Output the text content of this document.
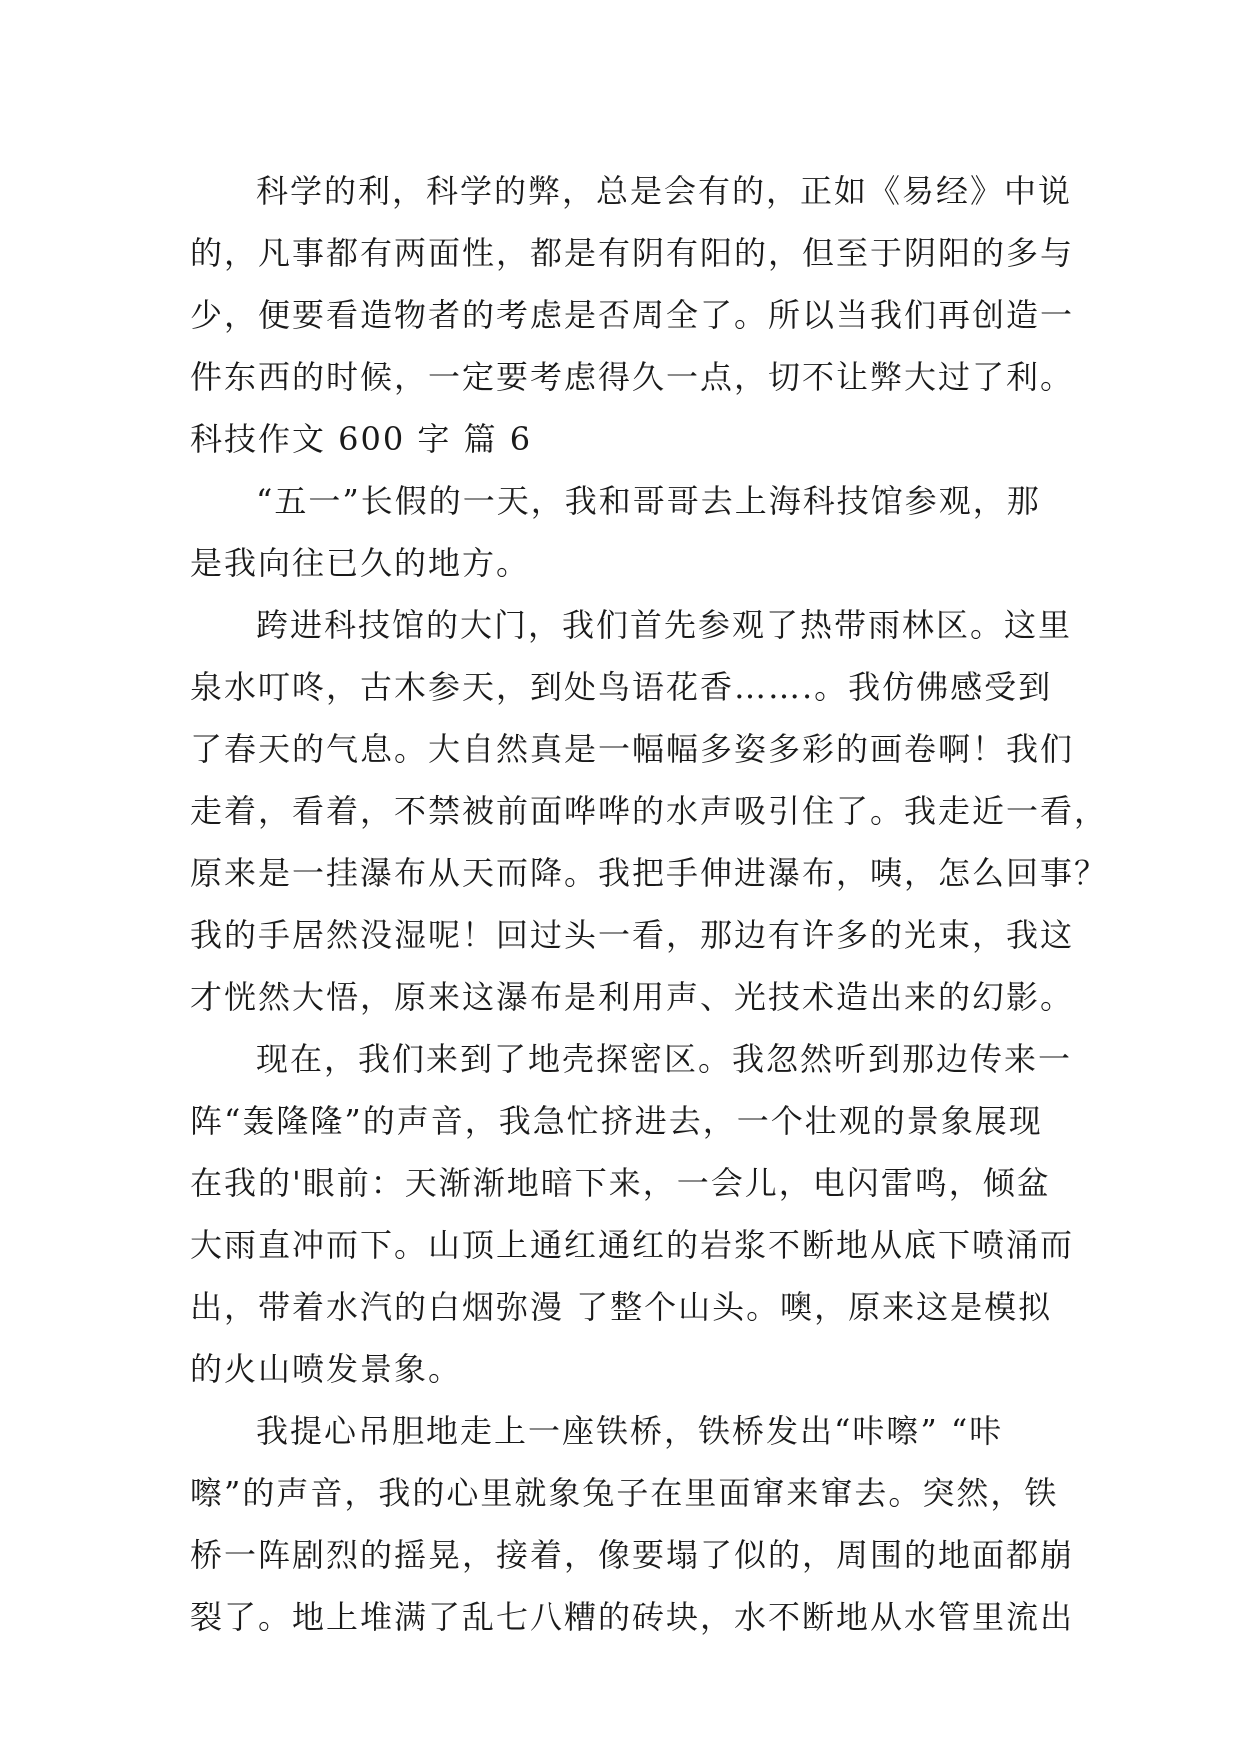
科学的利，科学的弊，总是会有的，正如《易经》中说
的，凡事都有两面性，都是有阴有阳的，但至于阴阳的多与
少，便要看造物者的考虑是否周全了。所以当我们再创造一
件东西的时候，一定要考虑得久一点，切不让弊大过了利。

科技作文 600 字 篇 6

“五一”长假的一天，我和哥哥去上海科技馆参观，那
是我向往已久的地方。

跨进科技馆的大门，我们首先参观了热带雨林区。这里
泉水叮咚，古木参天，到处鸟语花香…….。我仿佛感受到
了春天的气息。大自然真是一幅幅多姿多彩的画卷啊！我们
走着，看着，不禁被前面哗哗的水声吸引住了。我走近一看，
原来是一挂瀑布从天而降。我把手伸进瀑布，咦，怎么回事？
我的手居然没湿呢！回过头一看，那边有许多的光束，我这
才恍然大悟，原来这瀑布是利用声、光技术造出来的幻影。

现在，我们来到了地壳探密区。我忽然听到那边传来一
阵“轰隆隆”的声音，我急忙挤进去，一个壮观的景象展现
在我的'眼前：天渐渐地暗下来，一会儿，电闪雷鸣，倾盆
大雨直冲而下。山顶上通红通红的岩浆不断地从底下喷涌而
出，带着水汽的白烟弥漫 了整个山头。噢，原来这是模拟
的火山喷发景象。

我提心吊胆地走上一座铁桥，铁桥发出“咔嚓” “咔
嚓”的声音，我的心里就象兔子在里面窜来窜去。突然，铁
桥一阵剧烈的摇晃，接着，像要塌了似的，周围的地面都崩
裂了。地上堆满了乱七八糟的砖块，水不断地从水管里流出
